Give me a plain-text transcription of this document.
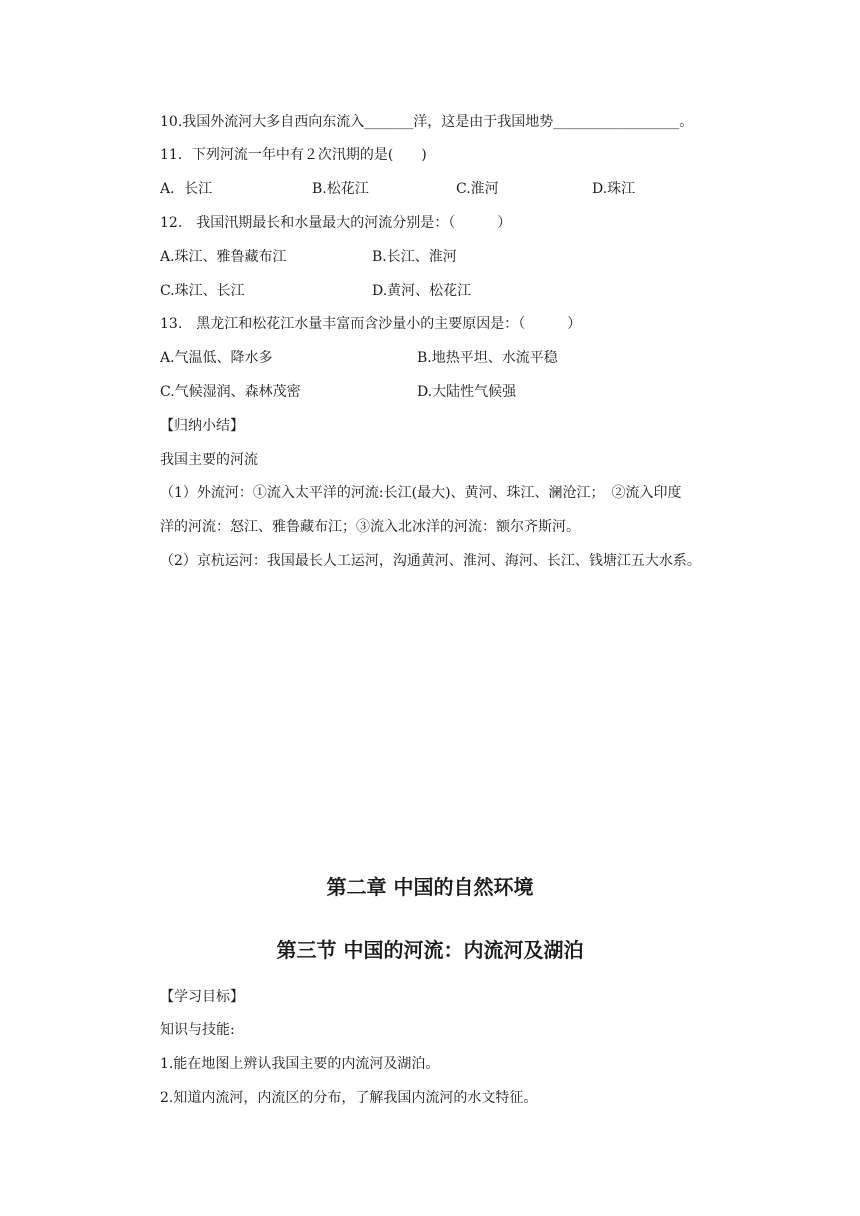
10.我国外流河大多自西向东流入_______洋，这是由于我国地势__________________。
11．下列河流一年中有２次汛期的是(　　)
A．长江	B.松花江	C.淮河	D.珠江
12.　我国汛期最长和水量最大的河流分别是：（　　　）
A.珠江、雅鲁藏布江	B.长江、淮河
C.珠江、长江	D.黄河、松花江
13.　黑龙江和松花江水量丰富而含沙量小的主要原因是：（　　　）
A.气温低、降水多	B.地热平坦、水流平稳
C.气候湿润、森林茂密	D.大陆性气候强
【归纳小结】
我国主要的河流
（1）外流河：①流入太平洋的河流:长江(最大)、黄河、珠江、澜沧江；　②流入印度
洋的河流：怒江、雅鲁藏布江；③流入北冰洋的河流：额尔齐斯河。
（2）京杭运河：我国最长人工运河，沟通黄河、淮河、海河、长江、钱塘江五大水系。
第二章 中国的自然环境
第三节 中国的河流：内流河及湖泊
【学习目标】
知识与技能:
1.能在地图上辨认我国主要的内流河及湖泊。
2.知道内流河，内流区的分布，了解我国内流河的水文特征。
